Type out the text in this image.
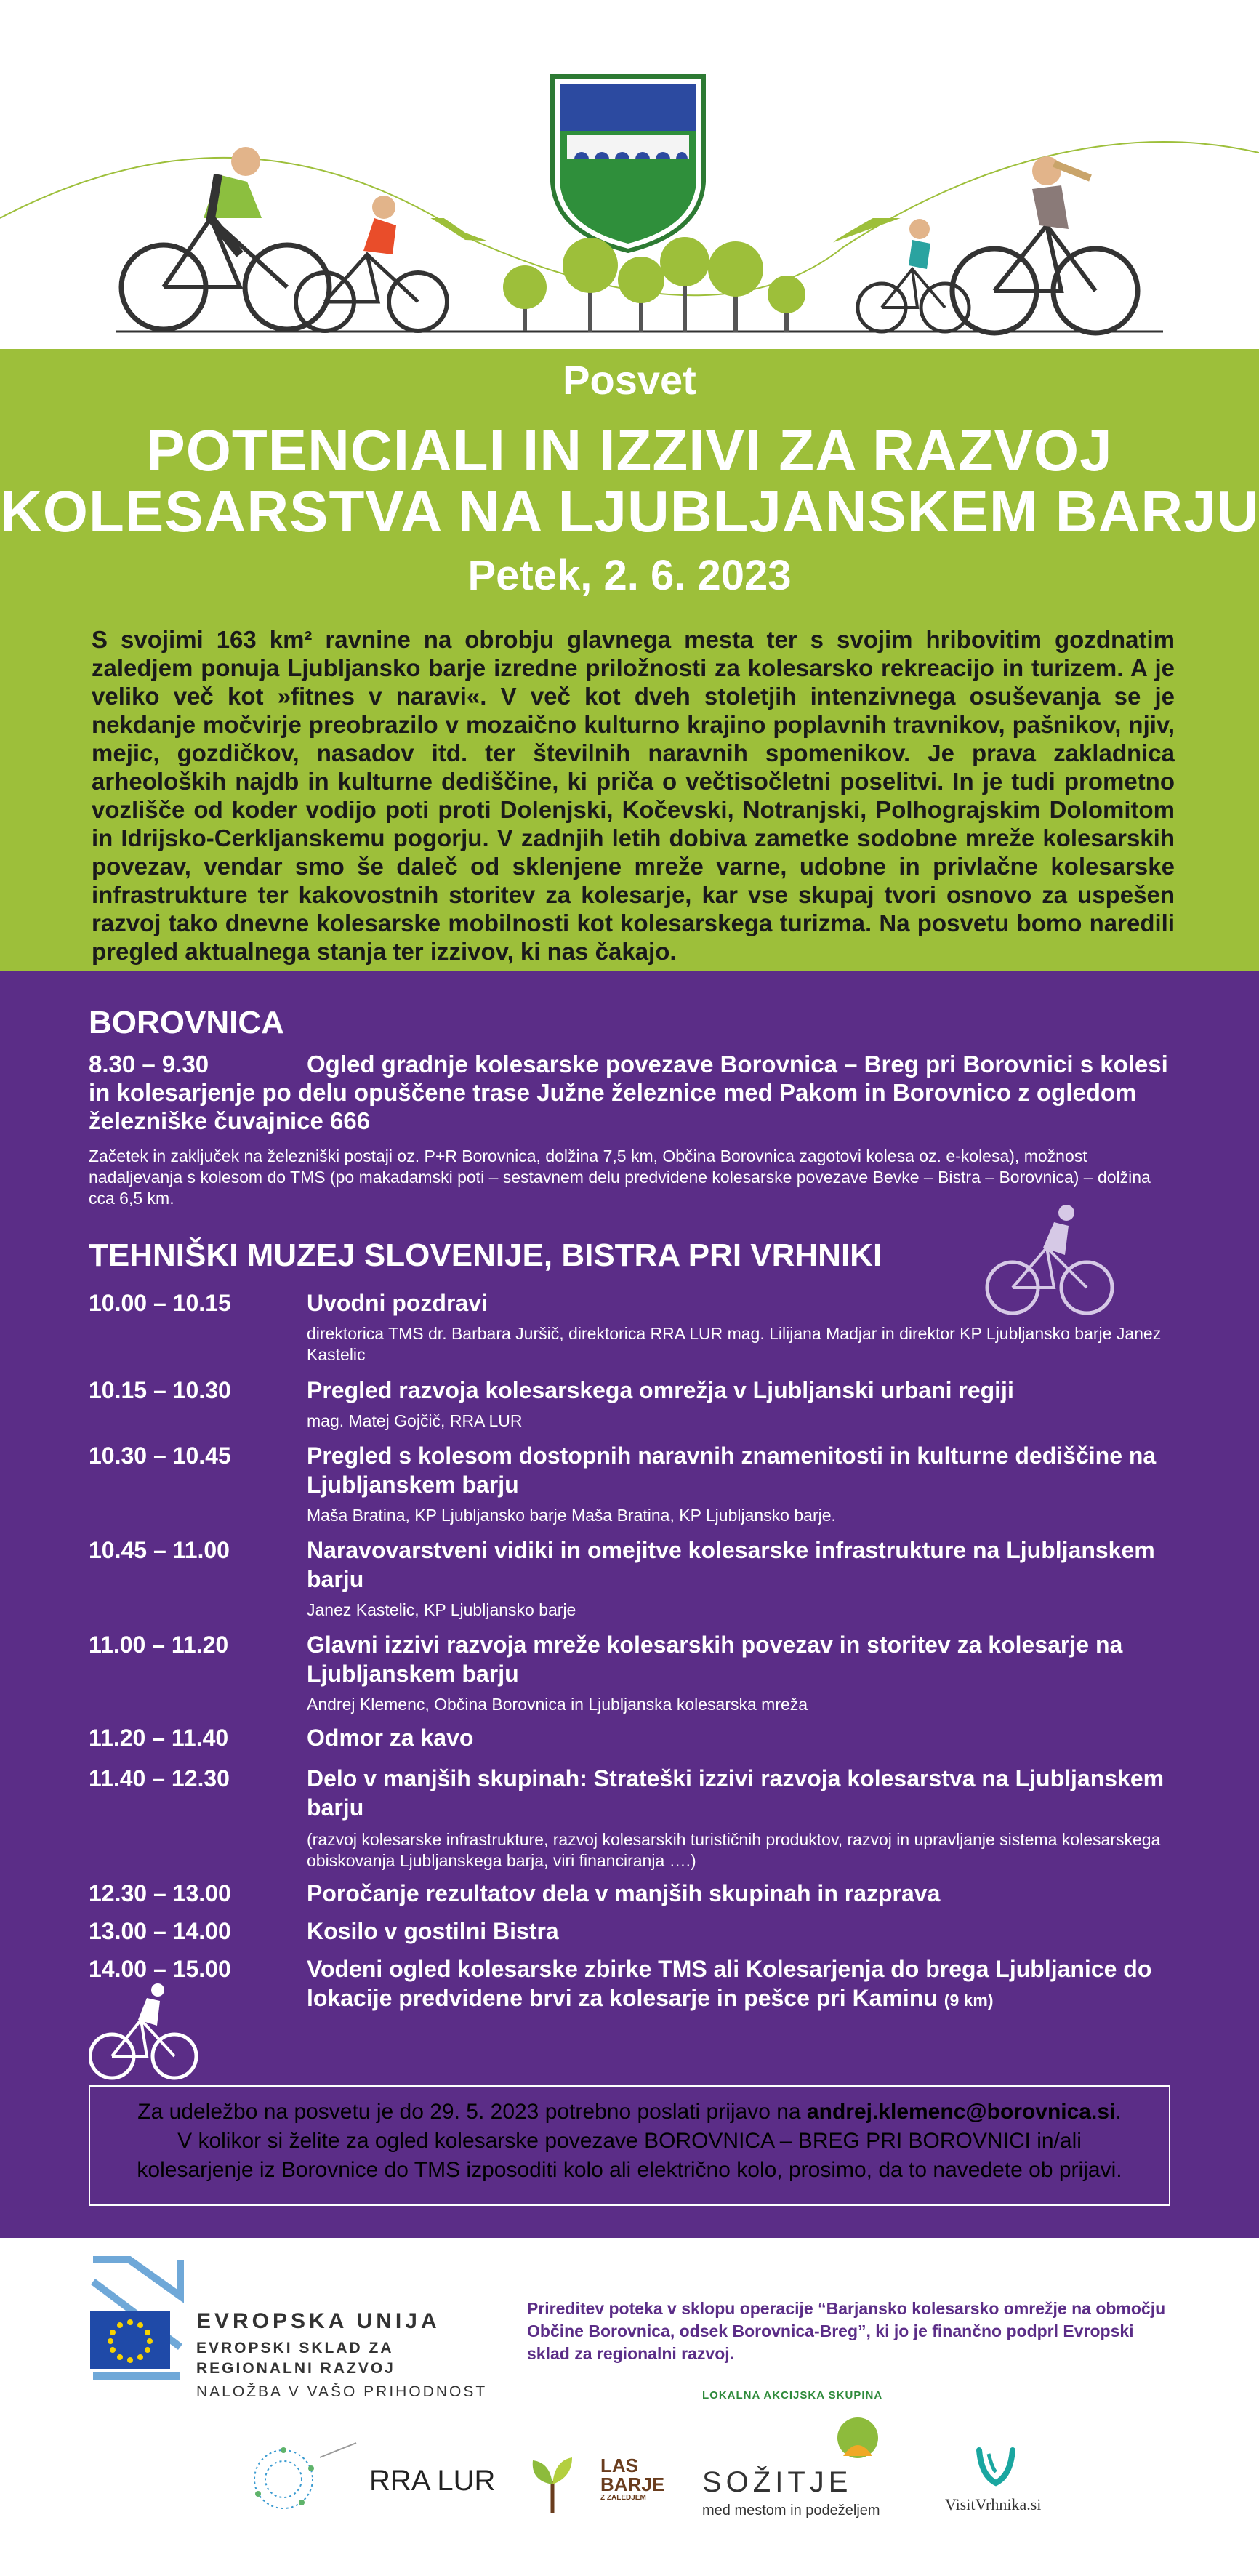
Posvet
POTENCIALI IN IZZIVI ZA RAZVOJ
KOLESARSTVA NA LJUBLJANSKEM BARJU
Petek, 2. 6. 2023
S svojimi 163 km² ravnine na obrobju glavnega mesta ter s svojim hribovitim gozdnatim zaledjem ponuja Ljubljansko barje izredne priložnosti za kolesarsko rekreacijo in turizem. A je veliko več kot »fitnes v naravi«. V več kot dveh stoletjih intenzivnega osuševanja se je nekdanje močvirje preobrazilo v mozaično kulturno krajino poplavnih travnikov, pašnikov, njiv, mejic, gozdičkov, nasadov itd. ter številnih naravnih spomenikov. Je prava zakladnica arheoloških najdb in kulturne dediščine, ki priča o večtisočletni poselitvi. In je tudi prometno vozlišče od koder vodijo poti proti Dolenjski, Kočevski, Notranjski, Polhograjskim Dolomitom in Idrijsko-Cerkljanskemu pogorju. V zadnjih letih dobiva zametke sodobne mreže kolesarskih povezav, vendar smo še daleč od sklenjene mreže varne, udobne in privlačne kolesarske infrastrukture ter kakovostnih storitev za kolesarje, kar vse skupaj tvori osnovo za uspešen razvoj tako dnevne kolesarske mobilnosti kot kolesarskega turizma. Na posvetu bomo naredili pregled aktualnega stanja ter izzivov, ki nas čakajo.
BOROVNICA
8.30 – 9.30	Ogled gradnje kolesarske povezave Borovnica – Breg pri Borovnici s kolesi in kolesarjenje po delu opuščene trase Južne železnice med Pakom in Borovnico z ogledom železniške čuvajnice 666
Začetek in zaključek na železniški postaji oz. P+R Borovnica, dolžina 7,5 km, Občina Borovnica zagotovi kolesa oz. e-kolesa), možnost nadaljevanja s kolesom do TMS (po makadamski poti – sestavnem delu predvidene kolesarske povezave Bevke – Bistra – Borovnica) – dolžina cca 6,5 km.
TEHNIŠKI MUZEJ SLOVENIJE, BISTRA PRI VRHNIKI
10.00 – 10.15	Uvodni pozdravi
direktorica TMS dr. Barbara Juršič, direktorica RRA LUR mag. Lilijana Madjar in direktor KP Ljubljansko barje Janez Kastelic
10.15 – 10.30	Pregled razvoja kolesarskega omrežja v Ljubljanski urbani regiji
mag. Matej Gojčič, RRA LUR
10.30 – 10.45	Pregled s kolesom dostopnih naravnih znamenitosti in kulturne dediščine na Ljubljanskem barju
Maša Bratina, KP Ljubljansko barje Maša Bratina, KP Ljubljansko barje.
10.45 – 11.00	Naravovarstveni vidiki in omejitve kolesarske infrastrukture na Ljubljanskem barju
Janez Kastelic, KP Ljubljansko barje
11.00 – 11.20	Glavni izzivi razvoja mreže kolesarskih povezav in storitev za kolesarje na Ljubljanskem barju
Andrej Klemenc, Občina Borovnica in Ljubljanska kolesarska mreža
11.20 – 11.40	Odmor za kavo
11.40 – 12.30	Delo v manjših skupinah: Strateški izzivi razvoja kolesarstva na Ljubljanskem barju
(razvoj kolesarske infrastrukture, razvoj kolesarskih turističnih produktov, razvoj in upravljanje sistema kolesarskega obiskovanja Ljubljanskega barja, viri financiranja ….)
12.30 – 13.00	Poročanje rezultatov dela v manjših skupinah in razprava
13.00 – 14.00	Kosilo v gostilni Bistra
14.00 – 15.00	Vodeni ogled kolesarske zbirke TMS ali Kolesarjenja do brega Ljubljanice do lokacije predvidene brvi za kolesarje in pešce pri Kaminu (9 km)
Za udeležbo na posvetu je do 29. 5. 2023 potrebno poslati prijavo na andrej.klemenc@borovnica.si.
V kolikor si želite za ogled kolesarske povezave BOROVNICA – BREG PRI BOROVNICI in/ali
kolesarjenje iz Borovnice do TMS izposoditi kolo ali električno kolo, prosimo, da to navedete ob prijavi.
EVROPSKA UNIJA
EVROPSKI SKLAD ZA
REGIONALNI RAZVOJ
NALOŽBA V VAŠO PRIHODNOST
Prireditev poteka v sklopu operacije “Barjansko kolesarsko omrežje na območju Občine Borovnica, odsek Borovnica-Breg”, ki jo je finančno podprl Evropski sklad za regionalni razvoj.
RRA LUR	LAS
BARJE
Z ZALEDJEM
LOKALNA AKCIJSKA SKUPINA
SOŽITJE
med mestom in podeželjem	VisitVrhnika.si
